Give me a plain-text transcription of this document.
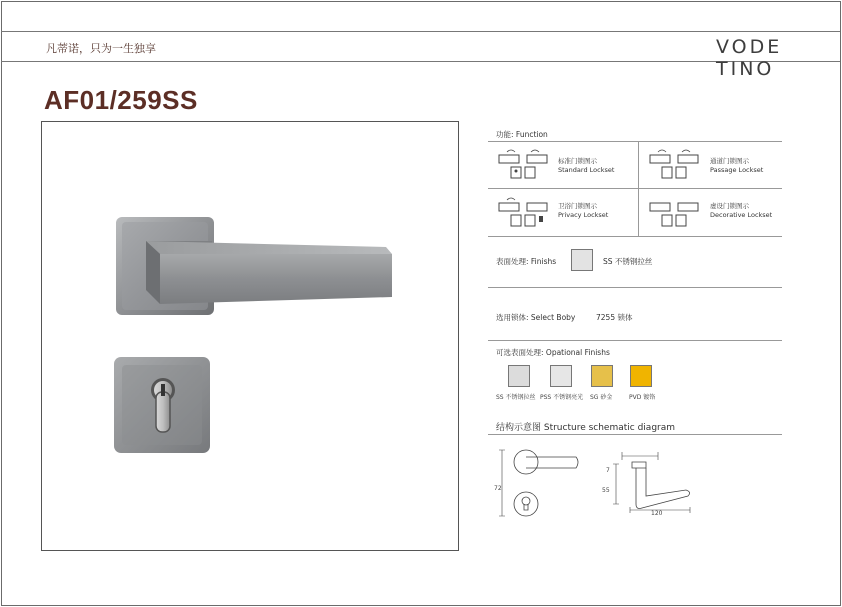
凡蒂诺，只为一生独享	VODE TINO
AF01/259SS
功能: Function
标准门锁图示
Standard Lockset
通道门锁图示
Passage Lockset
卫浴门锁图示
Privacy Lockset
虚设门锁图示
Decorative Lockset
表面处理: Finishs	SS 不锈钢拉丝
选用锁体: Select Boby	7255 锁体
可选表面处理: Opational Finishs
SS 不锈钢拉丝 PSS 不锈钢亮光 SG 砂金	PVD 镀铬
结构示意图 Structure schematic diagram
72
7
55
120
